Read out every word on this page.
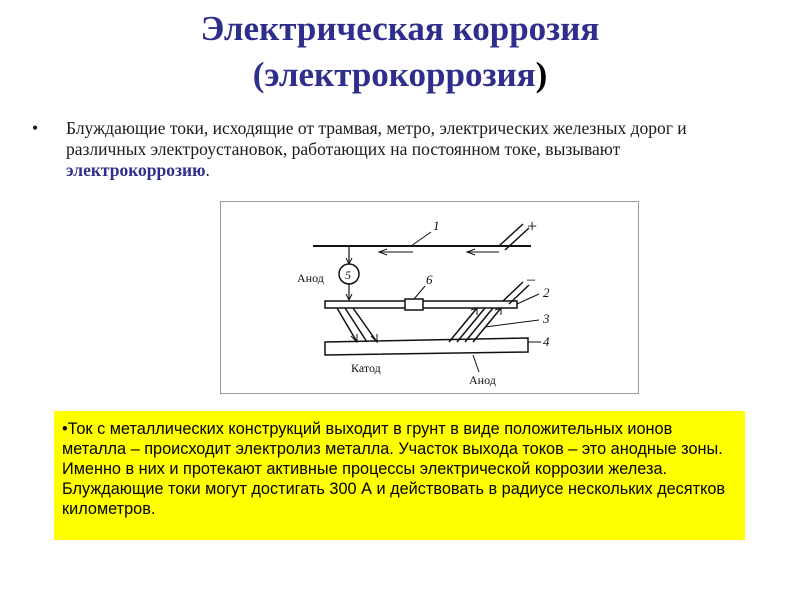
Электрическая коррозия
(электрокоррозия)
• Блуждающие токи, исходящие от трамвая, метро, электрических железных дорог и различных электроустановок, работающих на постоянном токе, вызывают электрокоррозию.
1	+
5
Анод	6	–
2
3
4
Катод
Анод
•Ток с металлических конструкций выходит в грунт в виде положительных ионов металла – происходит электролиз металла. Участок выхода токов – это анодные зоны. Именно в них и протекают активные процессы электрической коррозии железа. Блуждающие токи могут достигать 300 А и действовать в радиусе нескольких десятков километров.
